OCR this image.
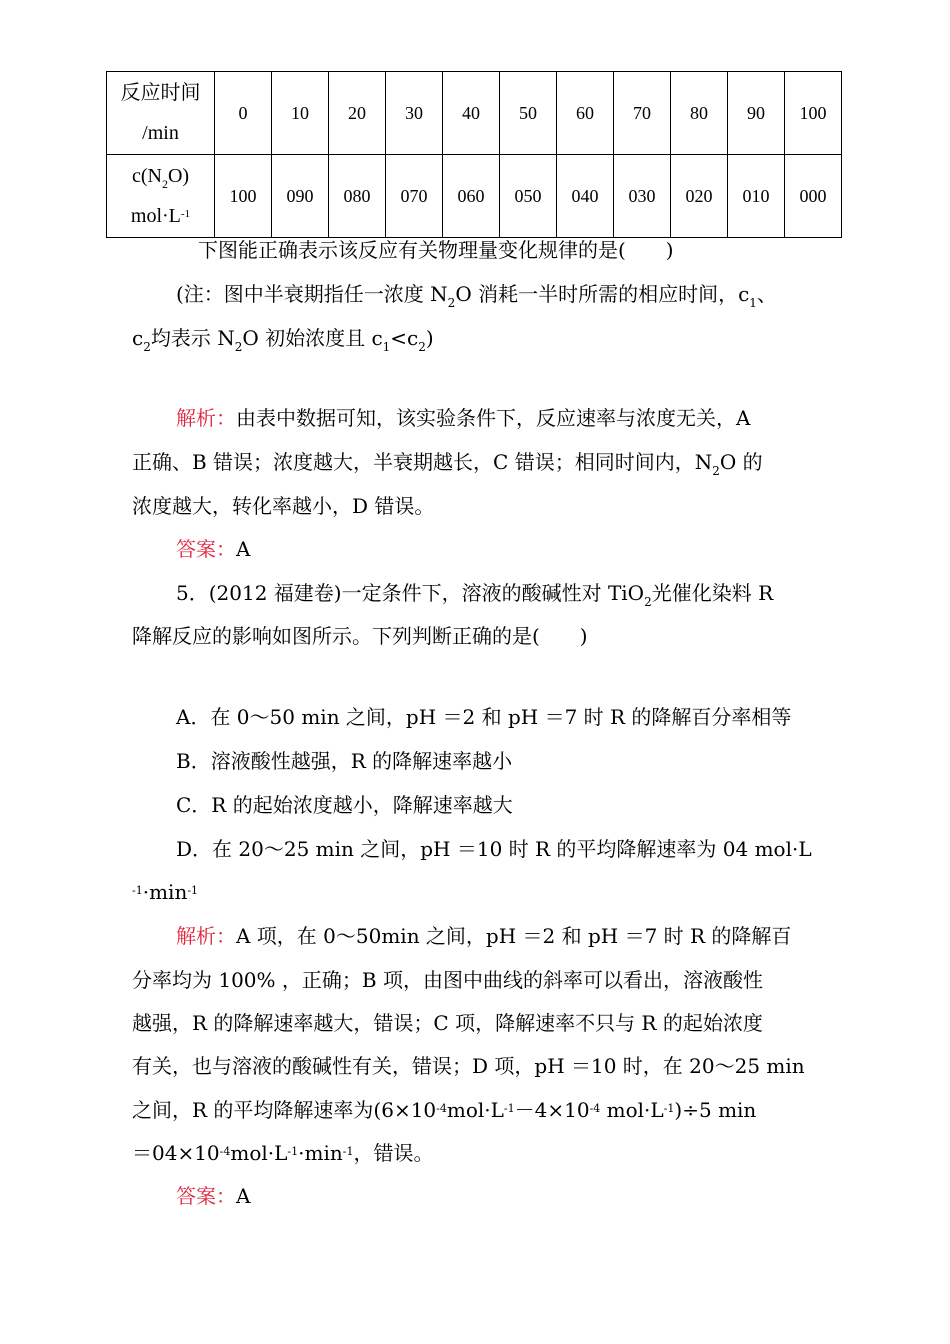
反应时间
/min	0	10	20	30	40	50	60	70	80	90	100

$c(N_2O)$
$mol\cdot L^{-1}$	100	090	080	070	060	050	040	030	020	010	000
下图能正确表示该反应有关物理量变化规律的是(　　)
(注：图中半衰期指任一浓度 $N_2O$ 消耗一半时所需的相应时间，$c_1$、
$c_2$均表示 $N_2O$ 初始浓度且 $c_1<c_2$)
解析：由表中数据可知，该实验条件下，反应速率与浓度无关，A
正确、B 错误；浓度越大，半衰期越长，C 错误；相同时间内，$N_2O$ 的
浓度越大，转化率越小，D 错误。
答案：A
5．(2012 福建卷)一定条件下，溶液的酸碱性对 TiO$_2$光催化染料 R
降解反应的影响如图所示。下列判断正确的是(　　)
A．在 0～50 min 之间，pH ＝2 和 pH ＝7 时 R 的降解百分率相等
B．溶液酸性越强，R 的降解速率越小
C．R 的起始浓度越小，降解速率越大
D．在 20～25 min 之间，pH ＝10 时 R 的平均降解速率为 04 mol·L
$^{-1}\cdot\min^{-1}$
解析：A 项，在 0～50min 之间，pH ＝2 和 pH ＝7 时 R 的降解百
分率均为 100% ，正确；B 项，由图中曲线的斜率可以看出，溶液酸性
越强，R 的降解速率越大，错误；C 项，降解速率不只与 R 的起始浓度
有关，也与溶液的酸碱性有关，错误；D 项，pH ＝10 时，在 20～25 min
之间，R 的平均降解速率为($6\times 10^{-4}mol\cdot L^{-1}-4\times 10^{-4}$ $mol\cdot L^{-1})\div 5$ min
$=04\times 10^{-4}mol\cdot L^{-1}\cdot\min^{-1}$，错误。
答案：A
